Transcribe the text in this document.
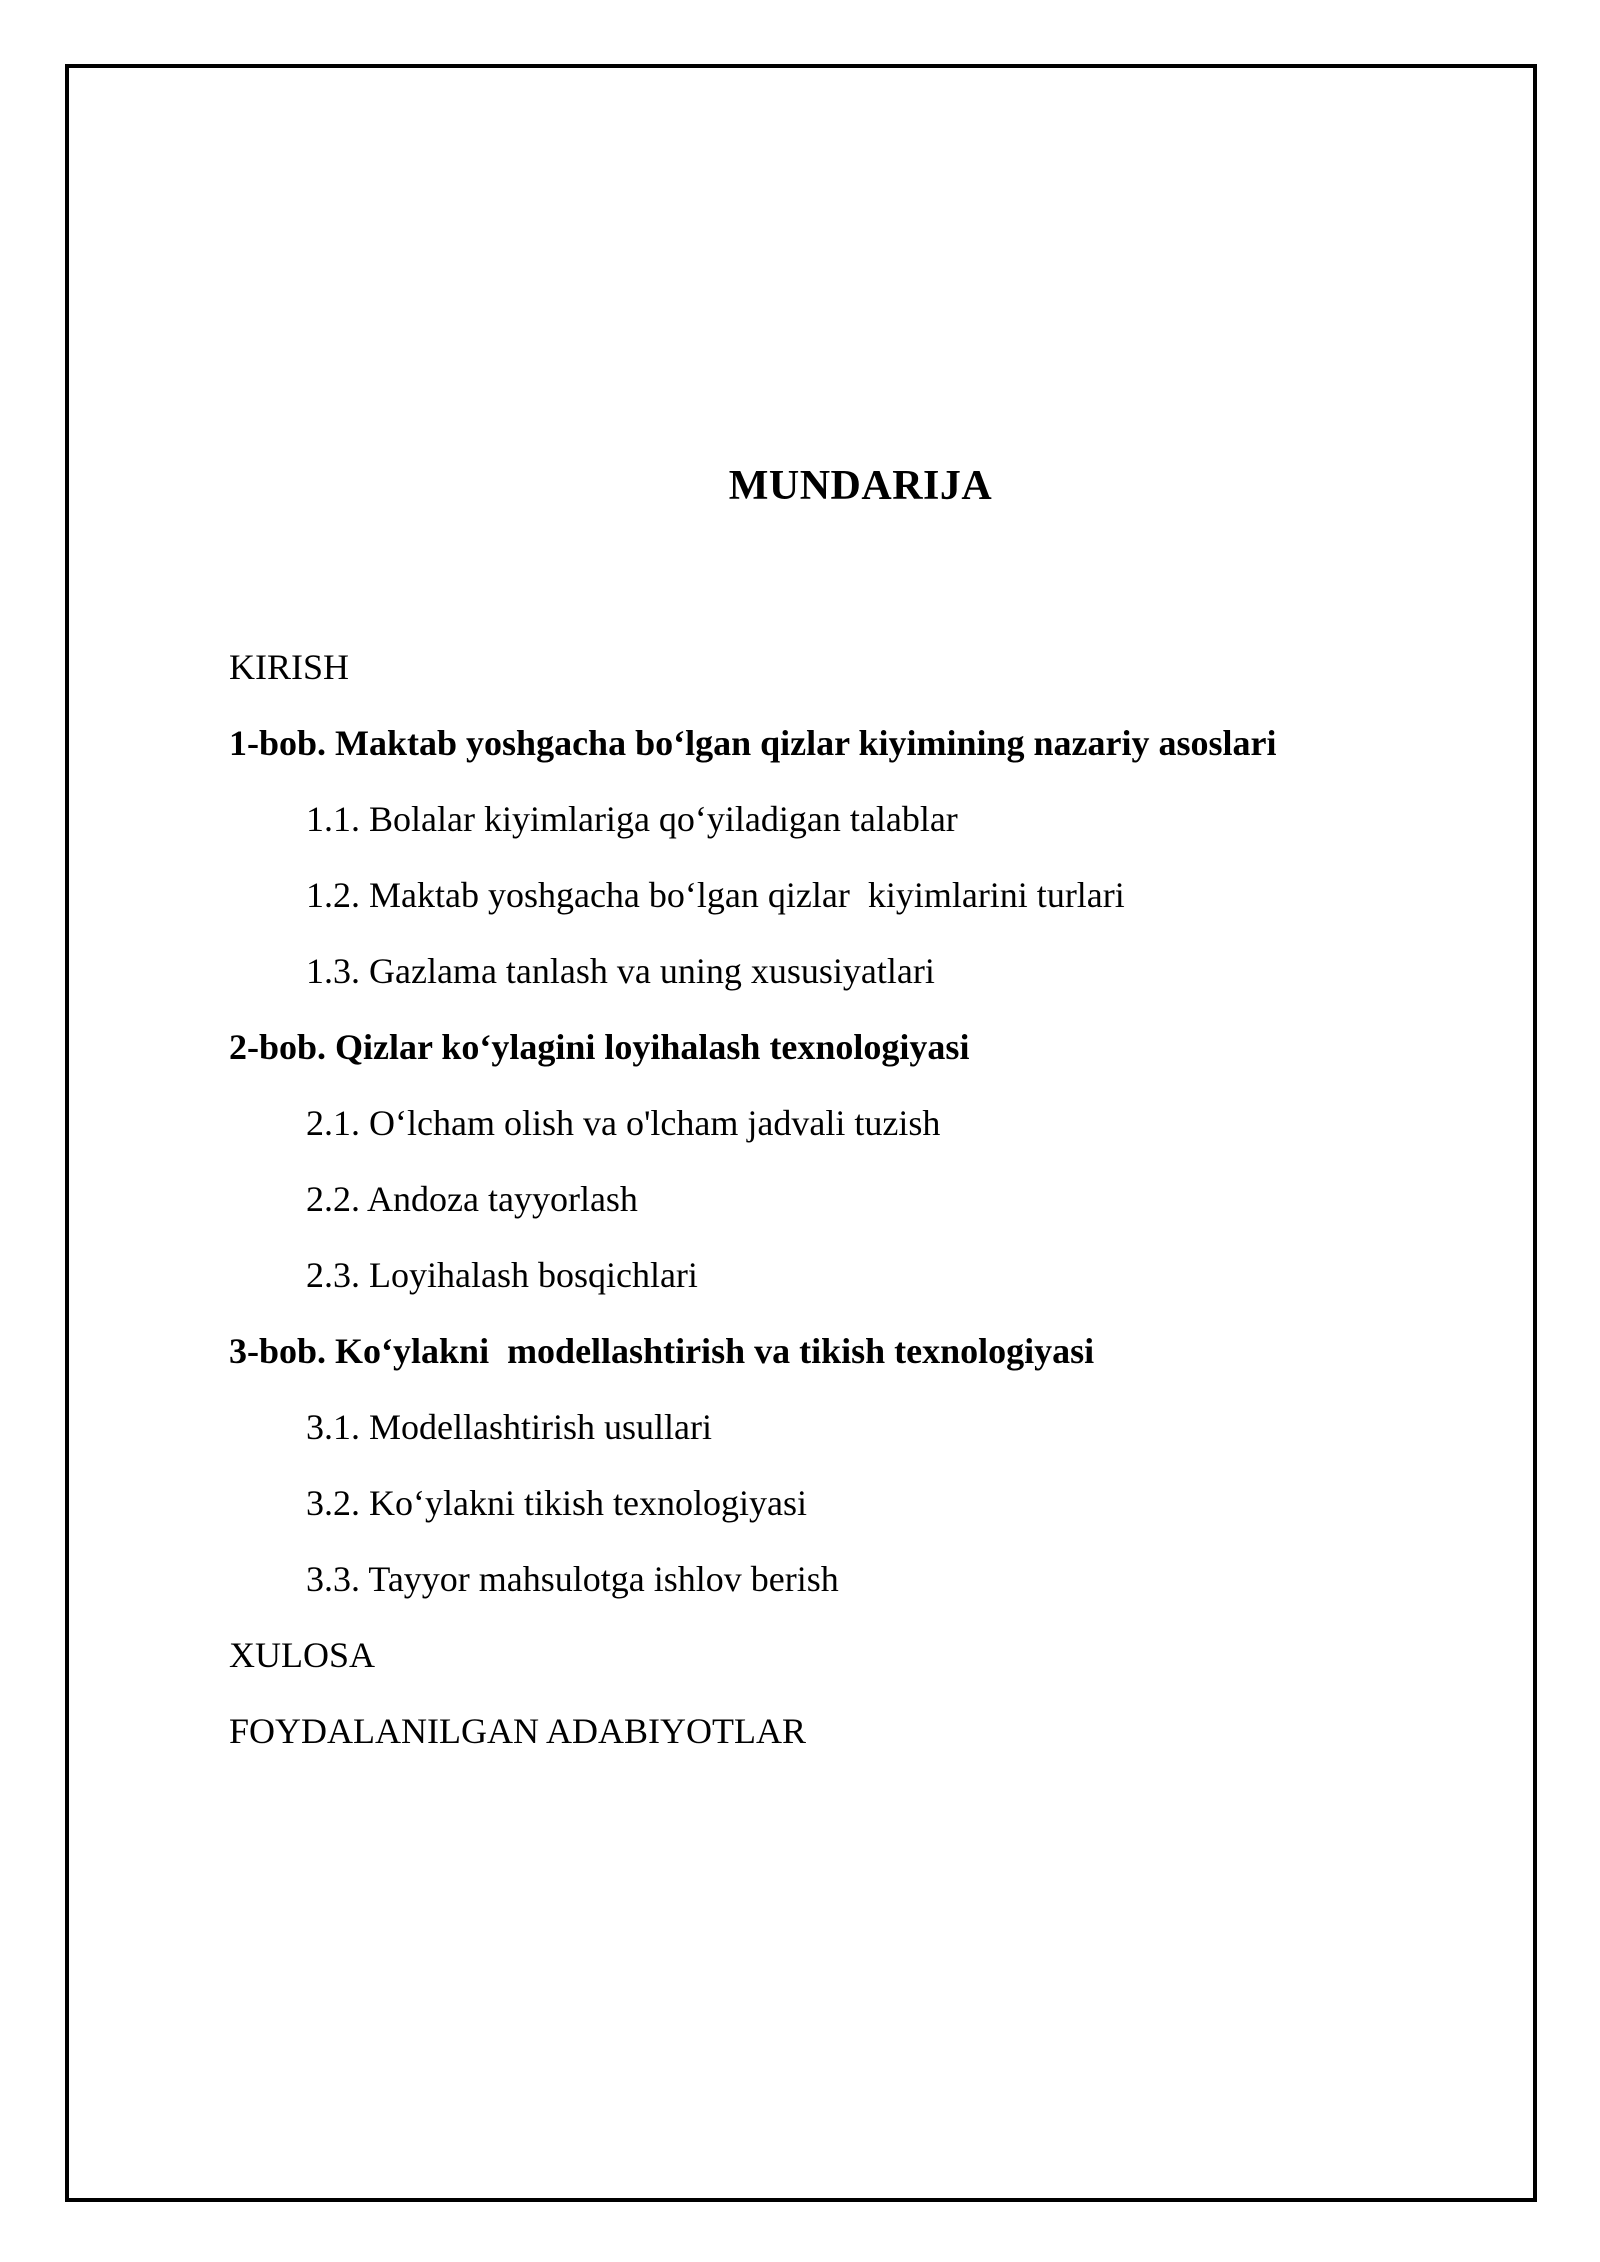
MUNDARIJA
KIRISH
1-bob. Maktab yoshgacha bo‘lgan qizlar kiyimining nazariy asoslari
1.1. Bolalar kiyimlariga qo‘yiladigan talablar
1.2. Maktab yoshgacha bo‘lgan qizlar  kiyimlarini turlari
1.3. Gazlama tanlash va uning xususiyatlari
2-bob. Qizlar ko‘ylagini loyihalash texnologiyasi
2.1. O‘lcham olish va o'lcham jadvali tuzish
2.2. Andoza tayyorlash
2.3. Loyihalash bosqichlari
3-bob. Ko‘ylakni  modellashtirish va tikish texnologiyasi
3.1. Modellashtirish usullari
3.2. Ko‘ylakni tikish texnologiyasi
3.3. Tayyor mahsulotga ishlov berish
XULOSA
FOYDALANILGAN ADABIYOTLAR
